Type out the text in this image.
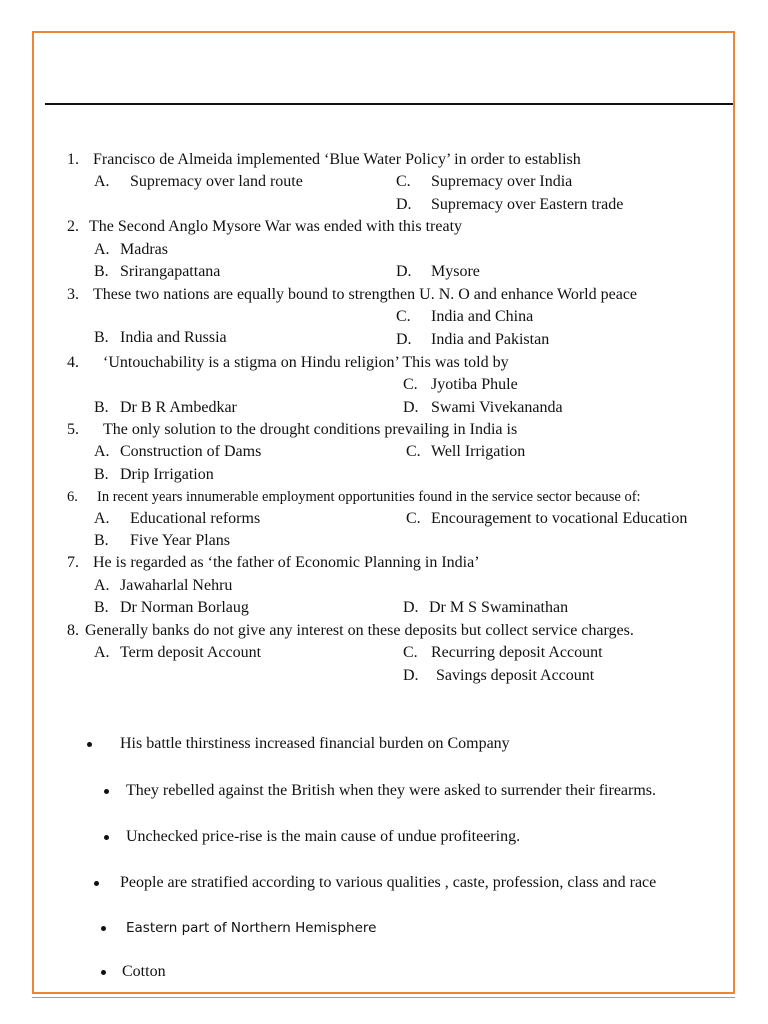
1. Francisco de Almeida implemented ‘Blue Water Policy’ in order to establish
A. Supremacy over land route	C. Supremacy over India
D. Supremacy over Eastern trade
2. The Second Anglo Mysore War was ended with this treaty
A. Madras
B. Srirangapattana	D. Mysore
3. These two nations are equally bound to strengthen U. N. O and enhance World peace
C. India and China
B. India and Russia	D. India and Pakistan
4. ‘Untouchability is a stigma on Hindu religion’ This was told by
C. Jyotiba Phule
B. Dr B R Ambedkar	D. Swami Vivekananda
5. The only solution to the drought conditions prevailing in India is
A. Construction of Dams	C. Well Irrigation
B. Drip Irrigation
6. In recent years innumerable employment opportunities found in the service sector because of:
A. Educational reforms	C. Encouragement to vocational Education
B. Five Year Plans
7. He is regarded as ‘the father of Economic Planning in India’
A. Jawaharlal Nehru
B. Dr Norman Borlaug	D. Dr M S Swaminathan
8. Generally banks do not give any interest on these deposits but collect service charges.
A. Term deposit Account	C. Recurring deposit Account
D. Savings deposit Account
His battle thirstiness increased financial burden on Company
They rebelled against the British when they were asked to surrender their firearms.
Unchecked price-rise is the main cause of undue profiteering.
People are stratified according to various qualities , caste, profession, class and race
Eastern part of Northern Hemisphere
Cotton
